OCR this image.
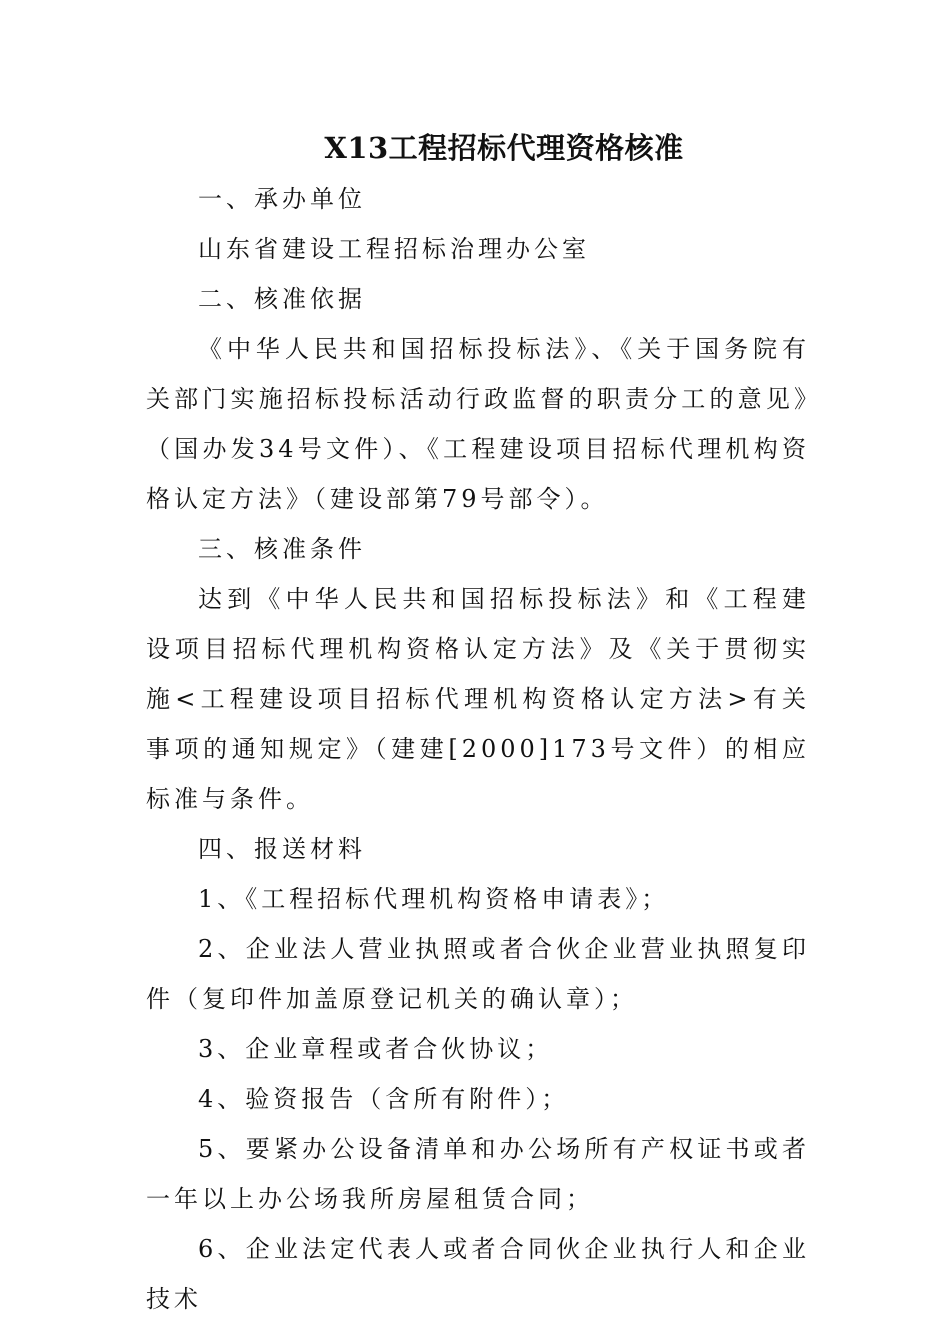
X13工程招标代理资格核准

一、承办单位

山东省建设工程招标治理办公室

二、核准依据

《中华人民共和国招标投标法》、《关于国务院有关部门实施招标投标活动行政监督的职责分工的意见》（国办发34号文件）、《工程建设项目招标代理机构资格认定方法》（建设部第79号部令）。

三、核准条件

达到《中华人民共和国招标投标法》和《工程建设项目招标代理机构资格认定方法》及《关于贯彻实施<工程建设项目招标代理机构资格认定方法>有关事项的通知规定》（建建[2000]173号文件）的相应标准与条件。

四、报送材料

1、《工程招标代理机构资格申请表》；

2、企业法人营业执照或者合伙企业营业执照复印件（复印件加盖原登记机关的确认章）；

3、企业章程或者合伙协议；

4、验资报告（含所有附件）；

5、要紧办公设备清单和办公场所有产权证书或者一年以上办公场我所房屋租赁合同；

6、企业法定代表人或者合同伙企业执行人和企业技术
